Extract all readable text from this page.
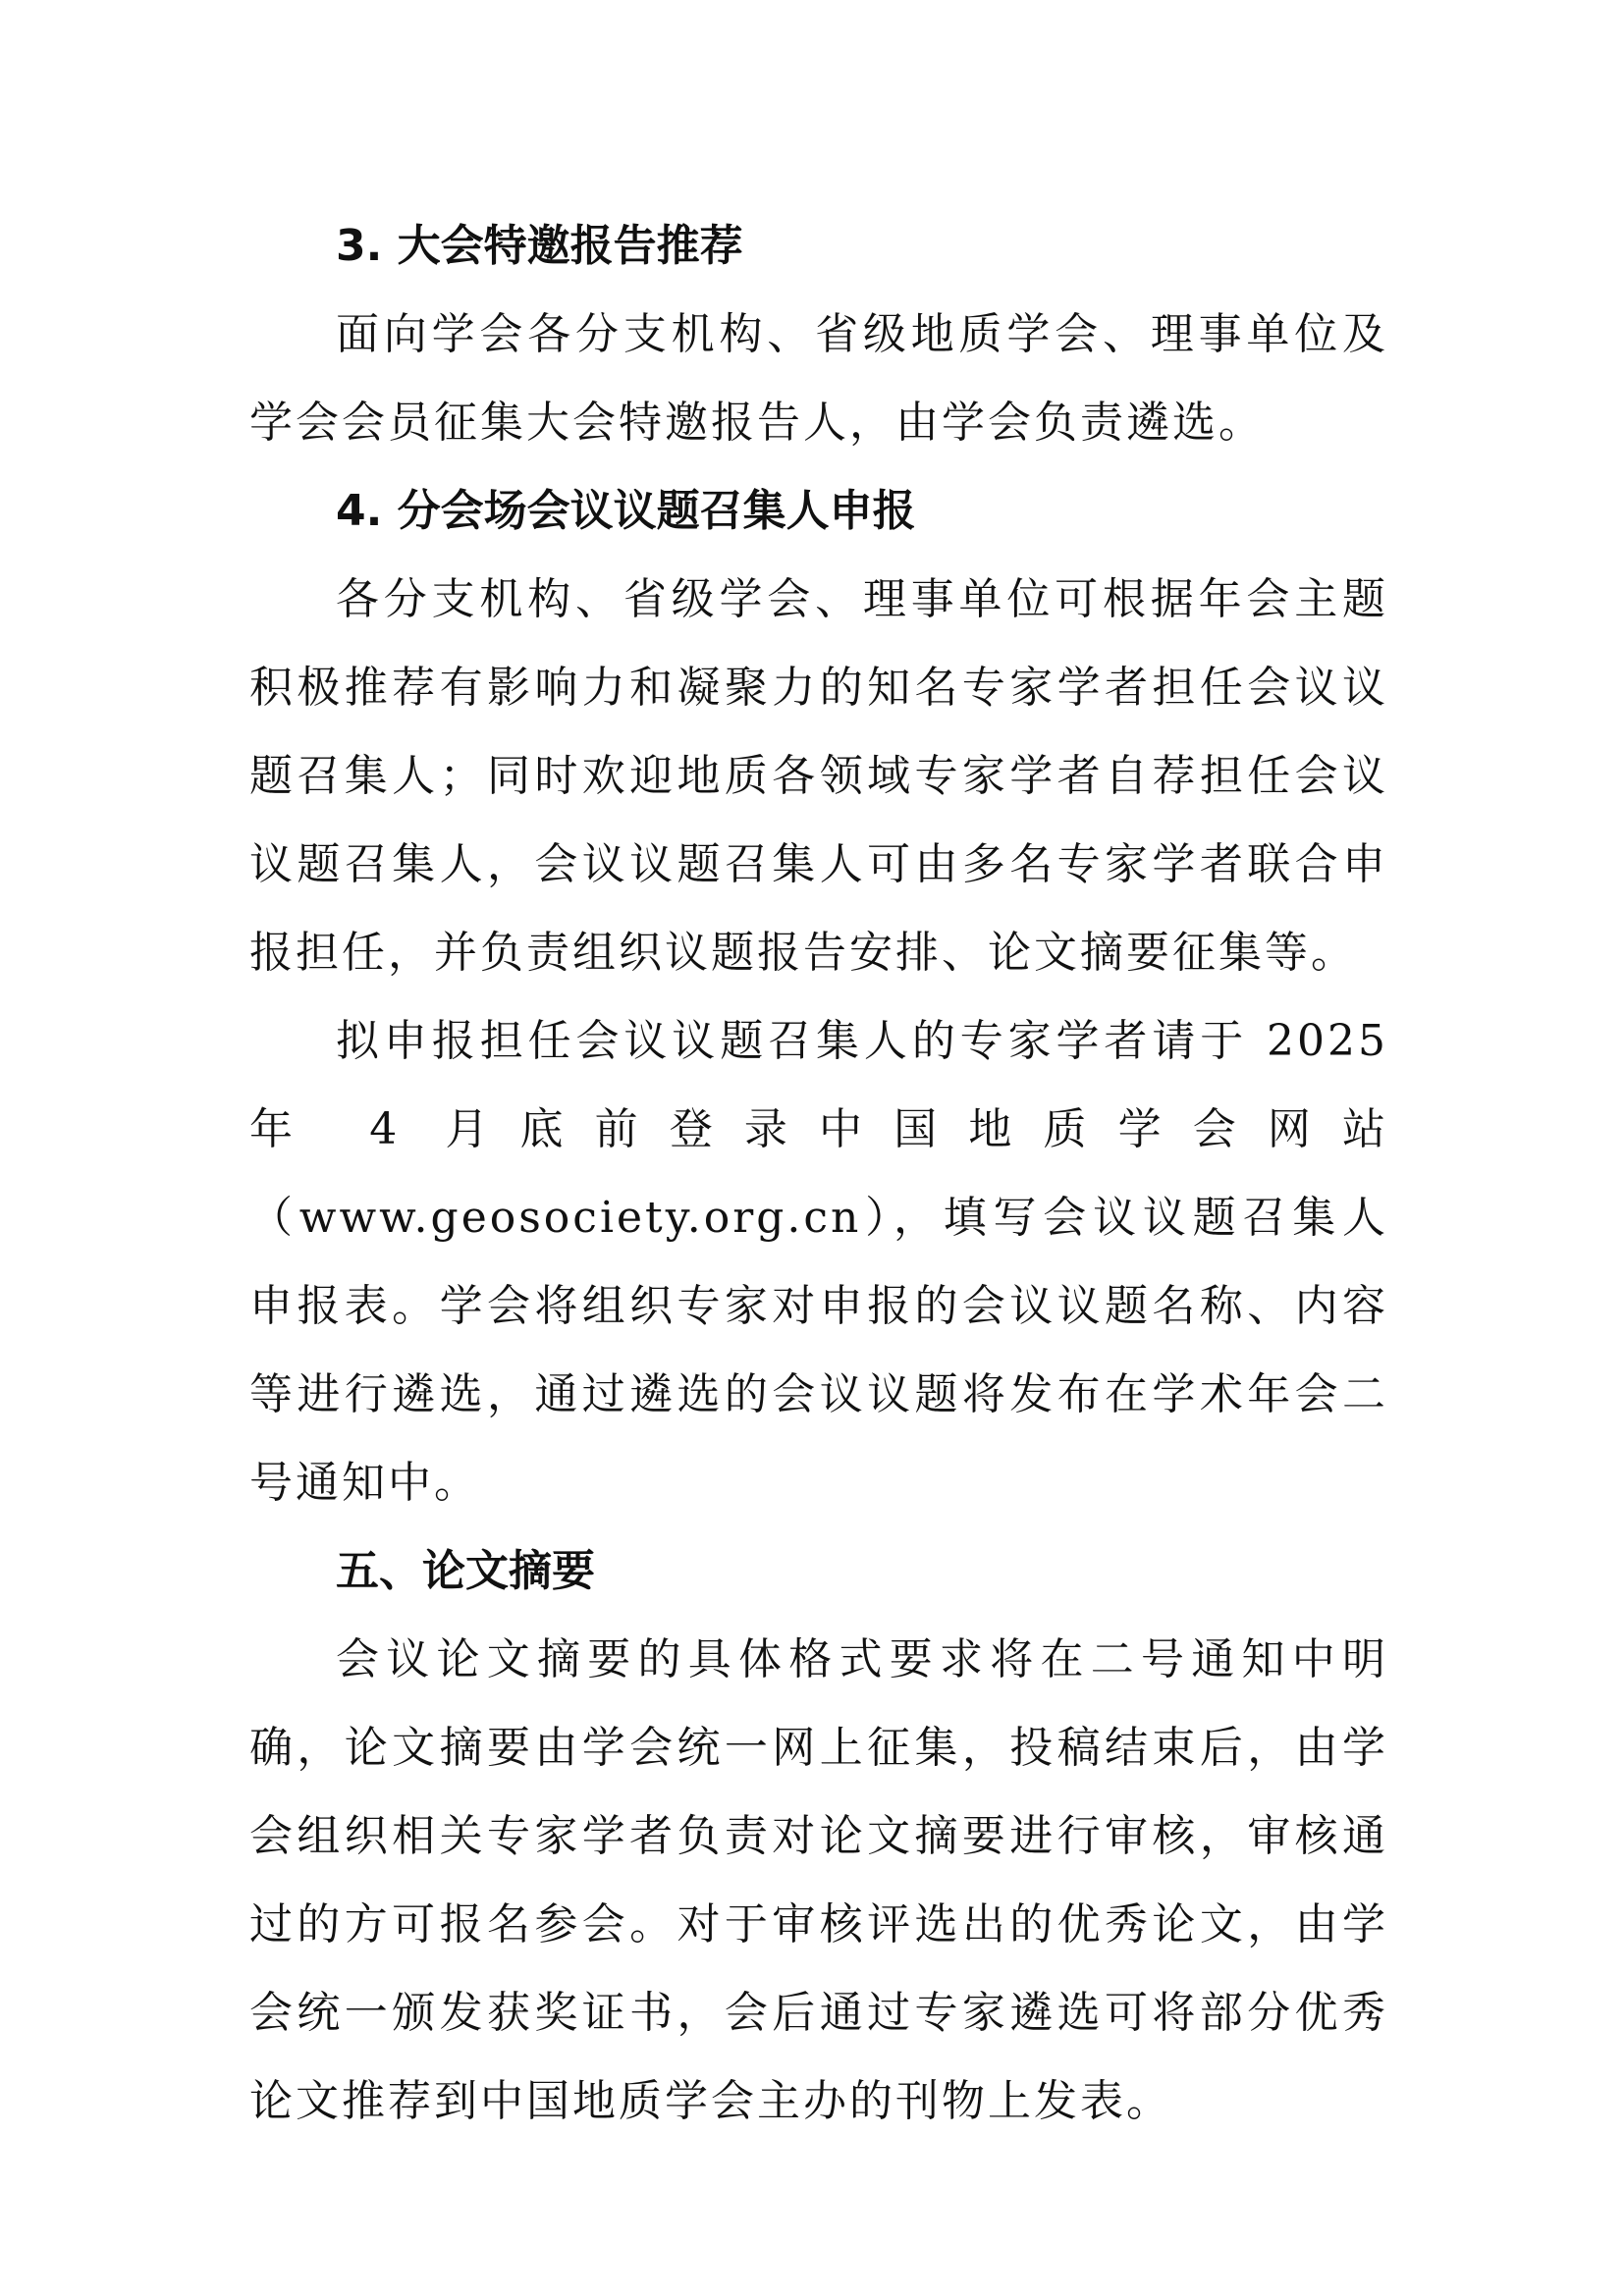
3. 大会特邀报告推荐

面向学会各分支机构、省级地质学会、理事单位及学会会员征集大会特邀报告人，由学会负责遴选。

4. 分会场会议议题召集人申报

各分支机构、省级学会、理事单位可根据年会主题积极推荐有影响力和凝聚力的知名专家学者担任会议议题召集人；同时欢迎地质各领域专家学者自荐担任会议议题召集人，会议议题召集人可由多名专家学者联合申报担任，并负责组织议题报告安排、论文摘要征集等。

拟申报担任会议议题召集人的专家学者请于 2025 年 4 月底前登录中国地质学会网站（www.geosociety.org.cn），填写会议议题召集人申报表。学会将组织专家对申报的会议议题名称、内容等进行遴选，通过遴选的会议议题将发布在学术年会二号通知中。

五、论文摘要

会议论文摘要的具体格式要求将在二号通知中明确，论文摘要由学会统一网上征集，投稿结束后，由学会组织相关专家学者负责对论文摘要进行审核，审核通过的方可报名参会。对于审核评选出的优秀论文，由学会统一颁发获奖证书，会后通过专家遴选可将部分优秀论文推荐到中国地质学会主办的刊物上发表。
